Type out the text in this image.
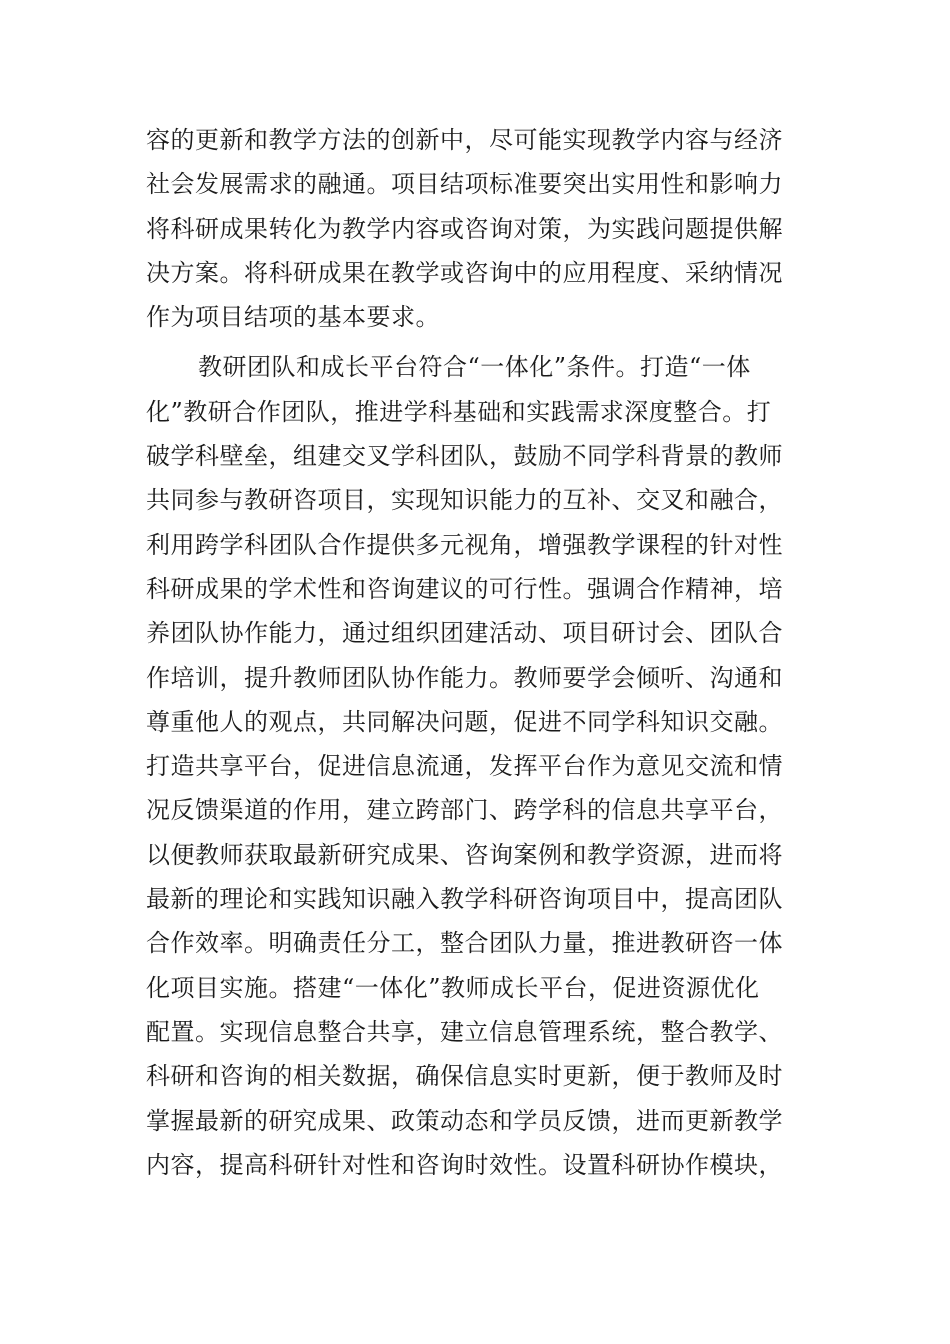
容的更新和教学方法的创新中，尽可能实现教学内容与经济
社会发展需求的融通。项目结项标准要突出实用性和影响力
将科研成果转化为教学内容或咨询对策，为实践问题提供解
决方案。将科研成果在教学或咨询中的应用程度、采纳情况
作为项目结项的基本要求。
教研团队和成长平台符合“一体化”条件。打造“一体
化”教研合作团队，推进学科基础和实践需求深度整合。打
破学科壁垒，组建交叉学科团队，鼓励不同学科背景的教师
共同参与教研咨项目，实现知识能力的互补、交叉和融合，
利用跨学科团队合作提供多元视角，增强教学课程的针对性
科研成果的学术性和咨询建议的可行性。强调合作精神，培
养团队协作能力，通过组织团建活动、项目研讨会、团队合
作培训，提升教师团队协作能力。教师要学会倾听、沟通和
尊重他人的观点，共同解决问题，促进不同学科知识交融。
打造共享平台，促进信息流通，发挥平台作为意见交流和情
况反馈渠道的作用，建立跨部门、跨学科的信息共享平台，
以便教师获取最新研究成果、咨询案例和教学资源，进而将
最新的理论和实践知识融入教学科研咨询项目中，提高团队
合作效率。明确责任分工，整合团队力量，推进教研咨一体
化项目实施。搭建“一体化”教师成长平台，促进资源优化
配置。实现信息整合共享，建立信息管理系统，整合教学、
科研和咨询的相关数据，确保信息实时更新，便于教师及时
掌握最新的研究成果、政策动态和学员反馈，进而更新教学
内容，提高科研针对性和咨询时效性。设置科研协作模块，
